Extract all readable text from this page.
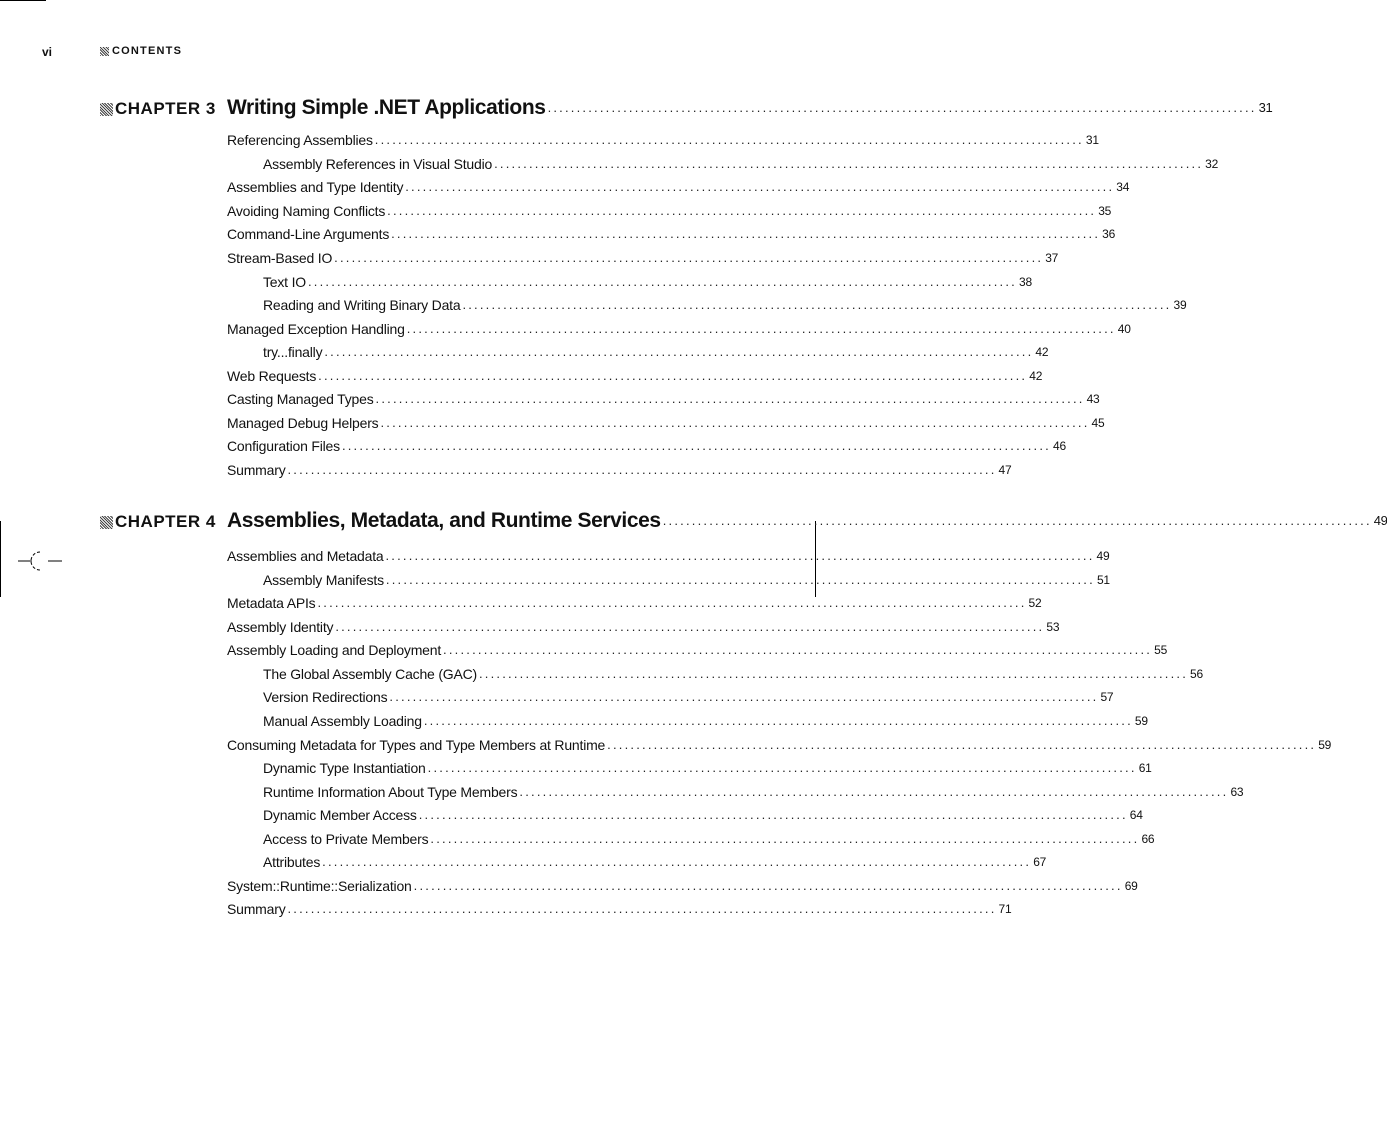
vi	CONTENTS
CHAPTER 3 Writing Simple .NET Applications .......................................................................................................................... 31
Referencing Assemblies .......................................................................................................................... 31
Assembly References in Visual Studio .......................................................................................................................... 32
Assemblies and Type Identity .......................................................................................................................... 34
Avoiding Naming Conflicts .......................................................................................................................... 35
Command-Line Arguments .......................................................................................................................... 36
Stream-Based IO .......................................................................................................................... 37
Text IO .......................................................................................................................... 38
Reading and Writing Binary Data .......................................................................................................................... 39
Managed Exception Handling .......................................................................................................................... 40
try...finally .......................................................................................................................... 42
Web Requests .......................................................................................................................... 42
Casting Managed Types .......................................................................................................................... 43
Managed Debug Helpers .......................................................................................................................... 45
Configuration Files .......................................................................................................................... 46
Summary .......................................................................................................................... 47
CHAPTER 4 Assemblies, Metadata, and Runtime Services .......................................................................................................................... 49
Assemblies and Metadata .......................................................................................................................... 49
Assembly Manifests .......................................................................................................................... 51
Metadata APIs .......................................................................................................................... 52
Assembly Identity .......................................................................................................................... 53
Assembly Loading and Deployment .......................................................................................................................... 55
The Global Assembly Cache (GAC) .......................................................................................................................... 56
Version Redirections .......................................................................................................................... 57
Manual Assembly Loading .......................................................................................................................... 59
Consuming Metadata for Types and Type Members at Runtime .......................................................................................................................... 59
Dynamic Type Instantiation .......................................................................................................................... 61
Runtime Information About Type Members .......................................................................................................................... 63
Dynamic Member Access .......................................................................................................................... 64
Access to Private Members .......................................................................................................................... 66
Attributes .......................................................................................................................... 67
System::Runtime::Serialization .......................................................................................................................... 69
Summary .......................................................................................................................... 71
